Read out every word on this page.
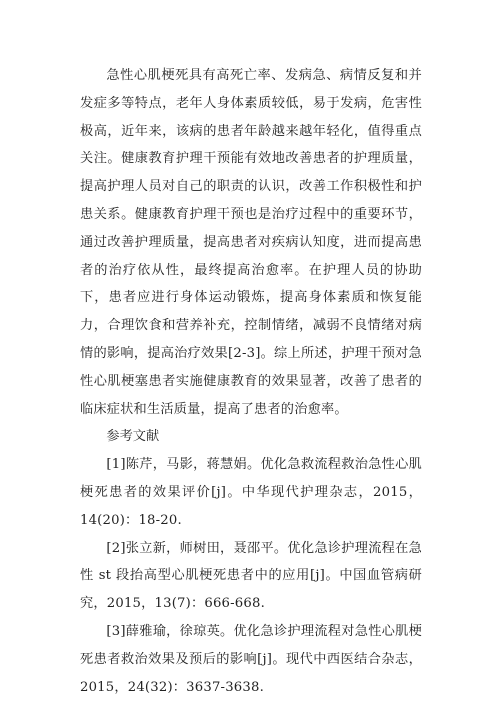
急性心肌梗死具有高死亡率、发病急、病情反复和并发症多等特点，老年人身体素质较低，易于发病，危害性极高，近年来，该病的患者年龄越来越年轻化，值得重点关注。健康教育护理干预能有效地改善患者的护理质量，提高护理人员对自己的职责的认识，改善工作积极性和护患关系。健康教育护理干预也是治疗过程中的重要环节，通过改善护理质量，提高患者对疾病认知度，进而提高患者的治疗依从性，最终提高治愈率。在护理人员的协助下，患者应进行身体运动锻炼，提高身体素质和恢复能力，合理饮食和营养补充，控制情绪，减弱不良情绪对病情的影响，提高治疗效果[2-3]。综上所述，护理干预对急性心肌梗塞患者实施健康教育的效果显著，改善了患者的临床症状和生活质量，提高了患者的治愈率。

参考文献

[1]陈芹，马影，蒋慧娟。优化急救流程救治急性心肌梗死患者的效果评价[j]。中华现代护理杂志，2015，14(20)：18-20.

[2]张立新，师树田，聂邵平。优化急诊护理流程在急性 st 段抬高型心肌梗死患者中的应用[j]。中国血管病研究，2015，13(7)：666-668.

[3]薛雅瑜，徐琼英。优化急诊护理流程对急性心肌梗死患者救治效果及预后的影响[j]。现代中西医结合杂志，2015，24(32)：3637-3638.
